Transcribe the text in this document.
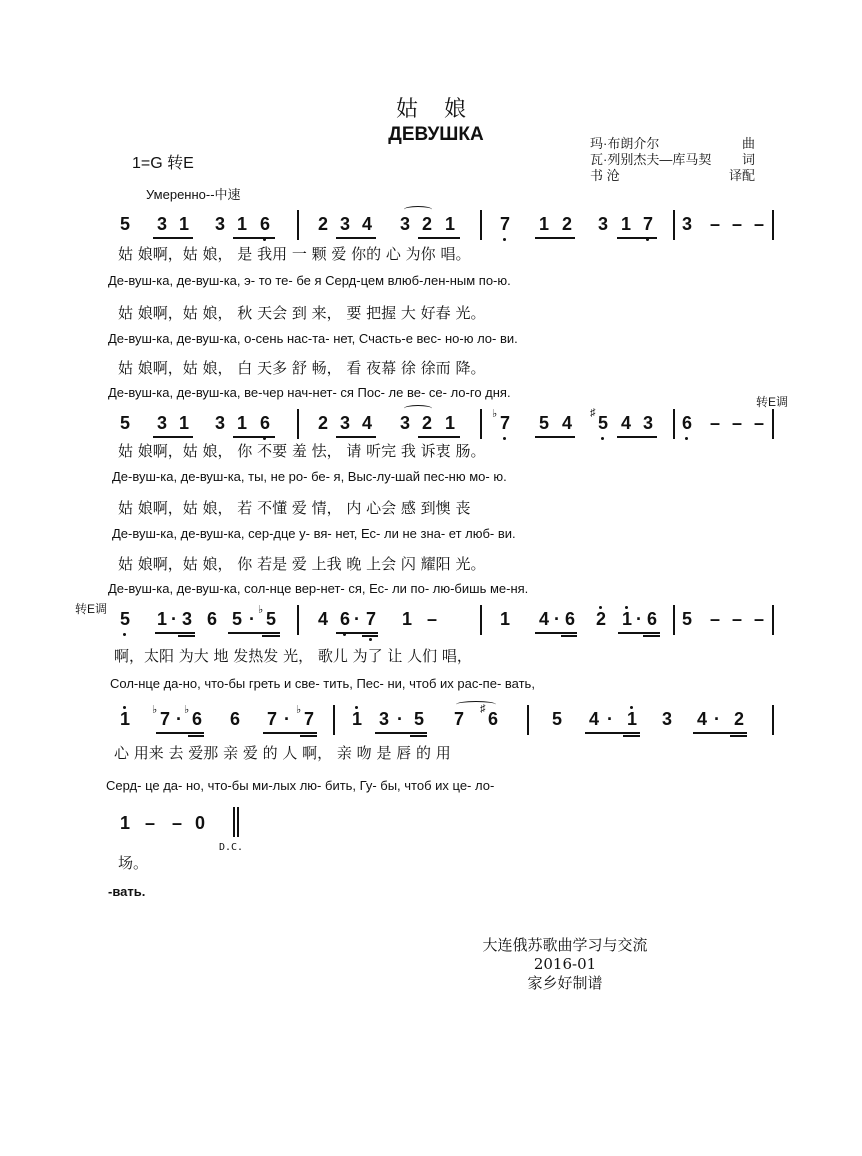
姑娘
ДЕВУШКА
1=G 转E
Умеренно--中速
玛·布朗介尔	曲
瓦·列别杰夫—库马契 词
书 沧	译配
5 3 1 3 1 6	2 3 4 3 2 1 7 1 2 3 1 7 3 – – –
姑 娘啊，姑 娘， 是 我用 一 颗 爱 你的 心 为你 唱。
Де-вуш-ка, де-вуш-ка, э- то те- бе я Серд-цем влюб-лен-ным по-ю.
姑 娘啊，姑 娘， 秋 天会 到 来， 要 把握 大 好春 光。
Де-вуш-ка, де-вуш-ка, о-сень нас-та- нет, Счасть-е вес- но-ю ло- ви.
姑 娘啊，姑 娘， 白 天多 舒 畅， 看 夜幕 徐 徐而 降。
Де-вуш-ка, де-вуш-ка, ве-чер нач-нет- ся Пос- ле ве- се- ло-го дня.
转E调
5 3 1 3 1 6	2 3 4 3 2 1	♭ 7 5 4 ♯ 5 4 3 6 – – –
姑 娘啊，姑 娘， 你 不要 羞 怯， 请 听完 我 诉衷 肠。
Де-вуш-ка, де-вуш-ка, ты, не ро- бе- я, Выс-лу-шай пес-ню мо- ю.
姑 娘啊，姑 娘， 若 不懂 爱 情， 内 心会 感 到懊 丧
Де-вуш-ка, де-вуш-ка, сер-дце у- вя- нет, Ес- ли не зна- ет люб- ви.
姑 娘啊，姑 娘， 你 若是 爱 上我 晚 上会 闪 耀阳 光。
Де-вуш-ка, де-вуш-ка, сол-нце вер-нет- ся, Ес- ли по- лю-бишь ме-ня.
转E调 5 1 · 3 6 5 · ♭ 5 4 6 · 7 1 –	1 4 · 6 2 1 · 6 5 – – –
啊，太阳 为大 地 发热发 光， 歌儿 为了 让 人们 唱，
Сол-нце да-но, что-бы греть и све- тить, Пес- ни, чтоб их рас-пе- вать,
1 ♭ 7 · ♭ 6 6 7 · ♭ 7 1 3 · 5 7 ♯ 6	5 4 · 1 3 4 · 2
心 用来 去 爱那 亲 爱 的 人 啊， 亲 吻 是 唇 的 用
Серд- це да- но, что-бы ми-лых лю- бить, Гу- бы, чтоб их це- ло-
1 – – 0
D.C.
场。
-вать.
大连俄苏歌曲学习与交流
2016-01
家乡好制谱
